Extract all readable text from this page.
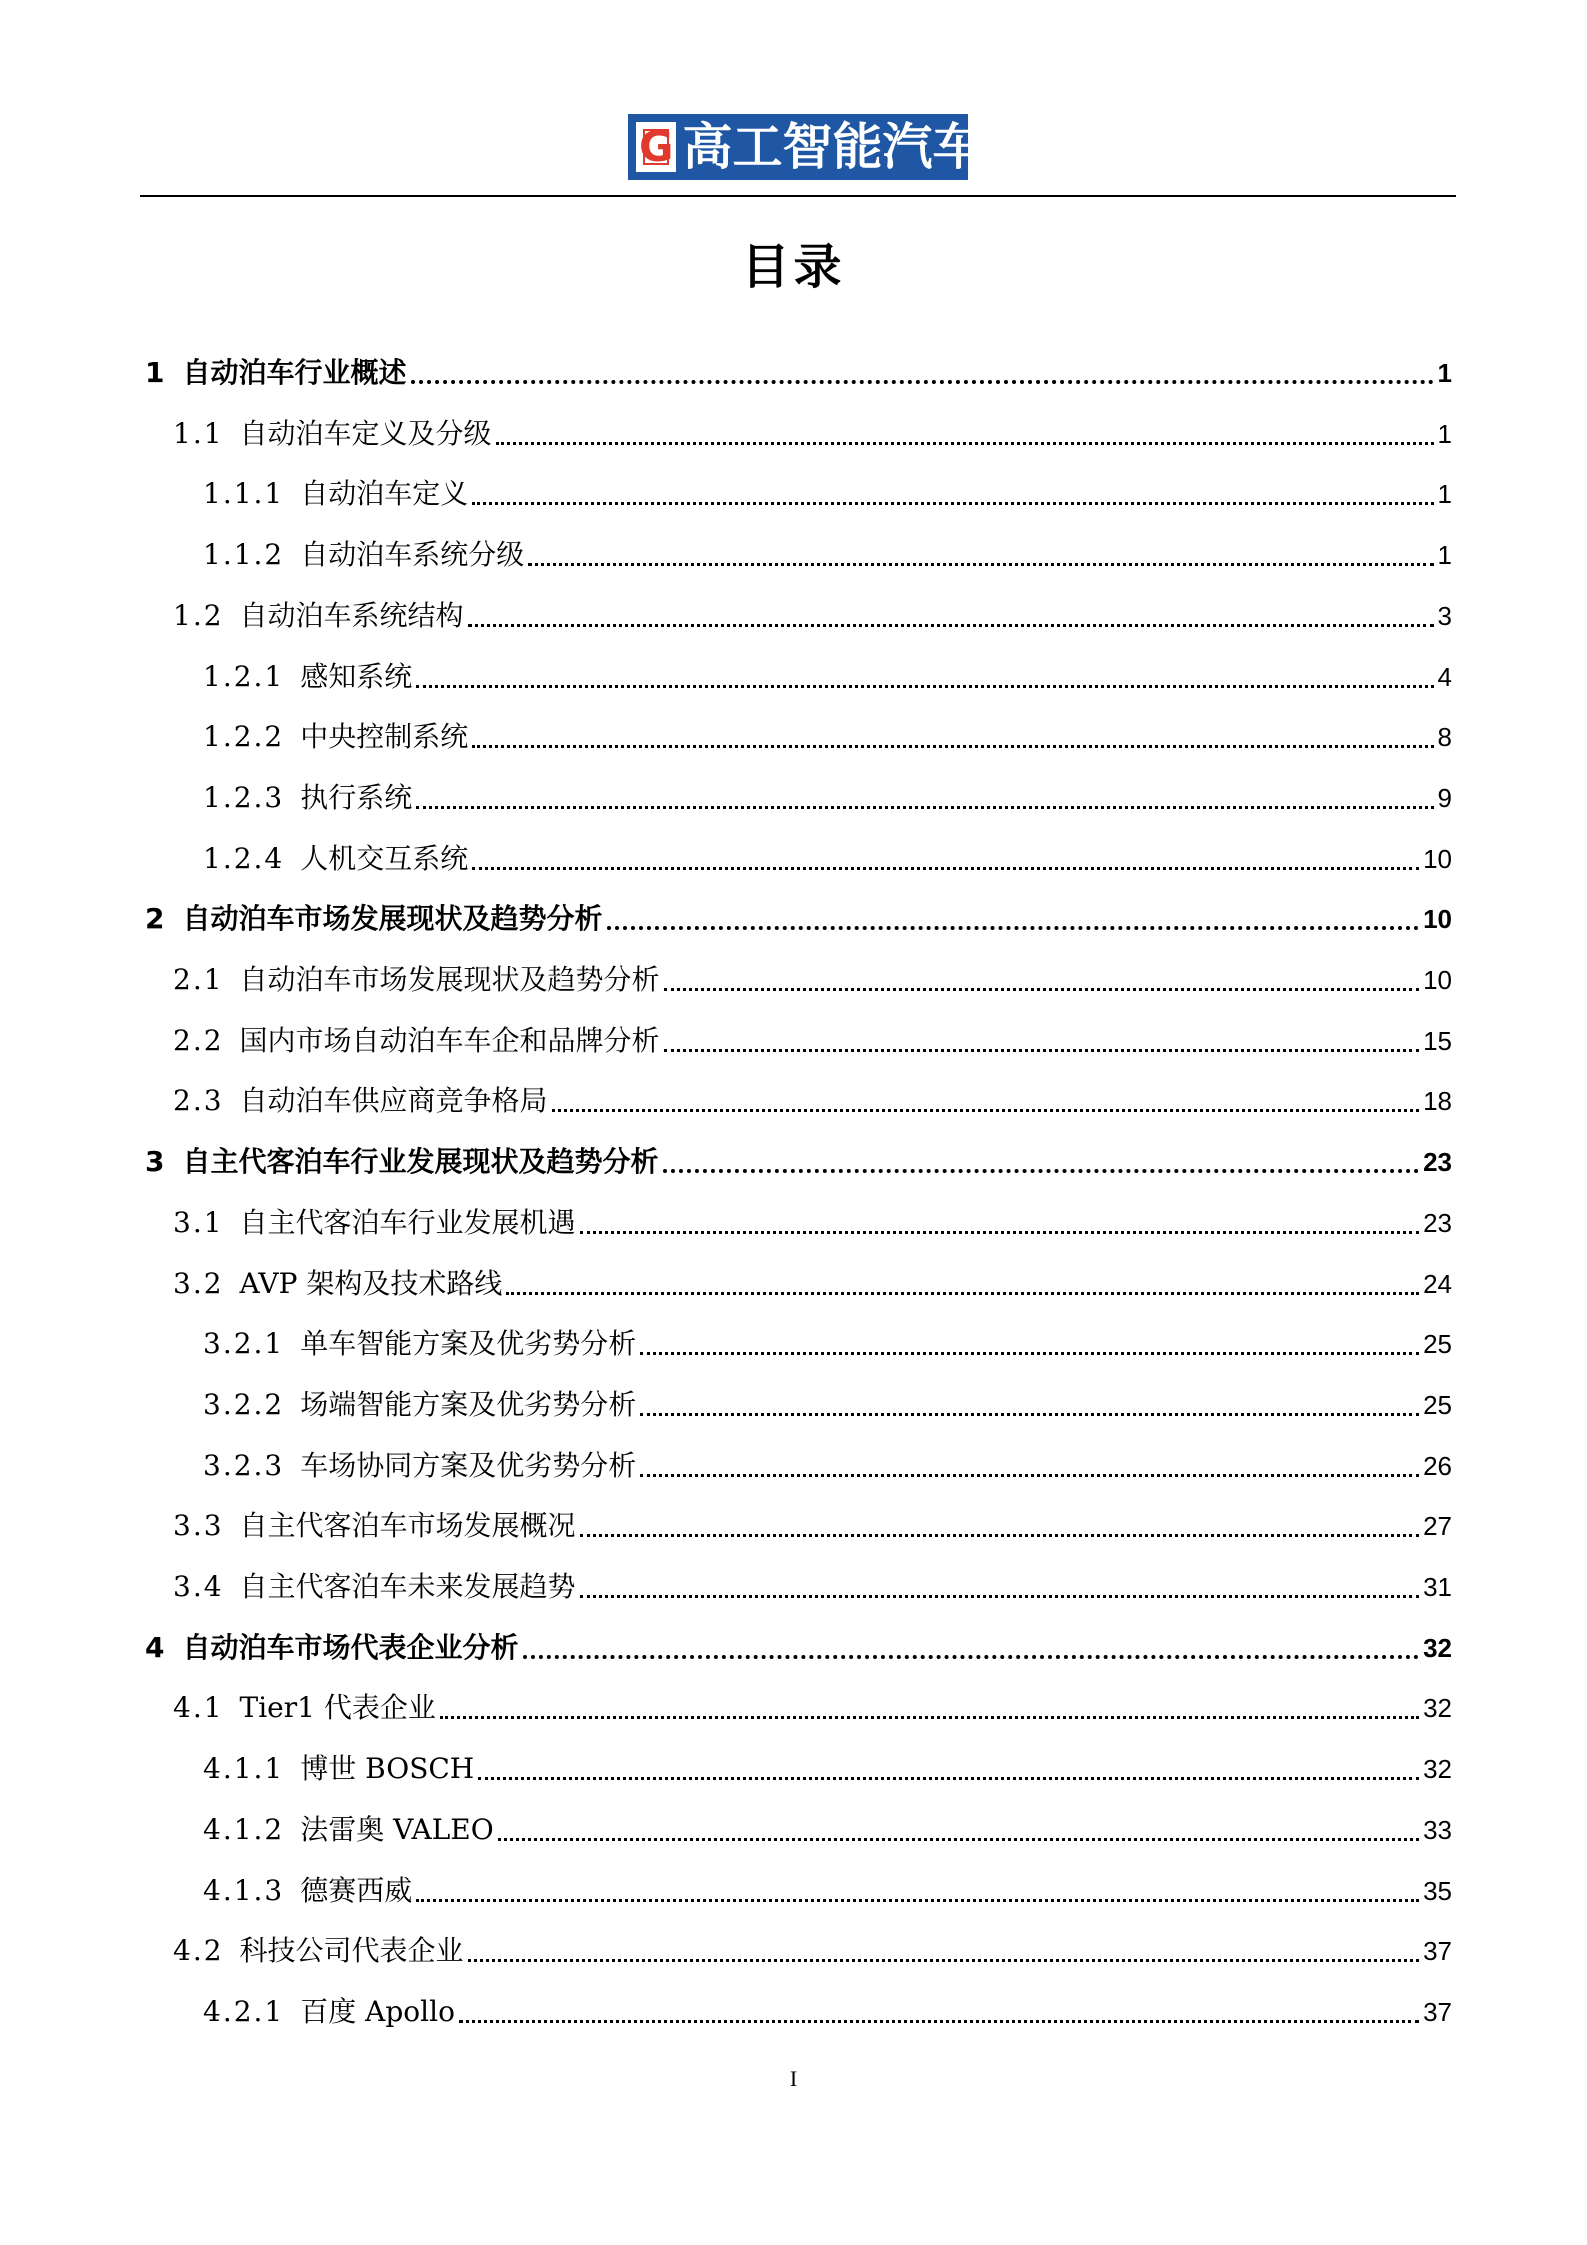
G 高工智能汽车
目录
1 自动泊车行业概述	1
1.1 自动泊车定义及分级	1
1.1.1 自动泊车定义	1
1.1.2 自动泊车系统分级	1
1.2 自动泊车系统结构	3
1.2.1 感知系统	4
1.2.2 中央控制系统	8
1.2.3 执行系统	9
1.2.4 人机交互系统	10
2 自动泊车市场发展现状及趋势分析	10
2.1 自动泊车市场发展现状及趋势分析	10
2.2 国内市场自动泊车车企和品牌分析	15
2.3 自动泊车供应商竞争格局	18
3 自主代客泊车行业发展现状及趋势分析	23
3.1 自主代客泊车行业发展机遇	23
3.2 AVP 架构及技术路线	24
3.2.1 单车智能方案及优劣势分析	25
3.2.2 场端智能方案及优劣势分析	25
3.2.3 车场协同方案及优劣势分析	26
3.3 自主代客泊车市场发展概况	27
3.4 自主代客泊车未来发展趋势	31
4 自动泊车市场代表企业分析	32
4.1 Tier1 代表企业	32
4.1.1 博世 BOSCH	32
4.1.2 法雷奥 VALEO	33
4.1.3 德赛西威	35
4.2 科技公司代表企业	37
4.2.1 百度 Apollo	37
I
